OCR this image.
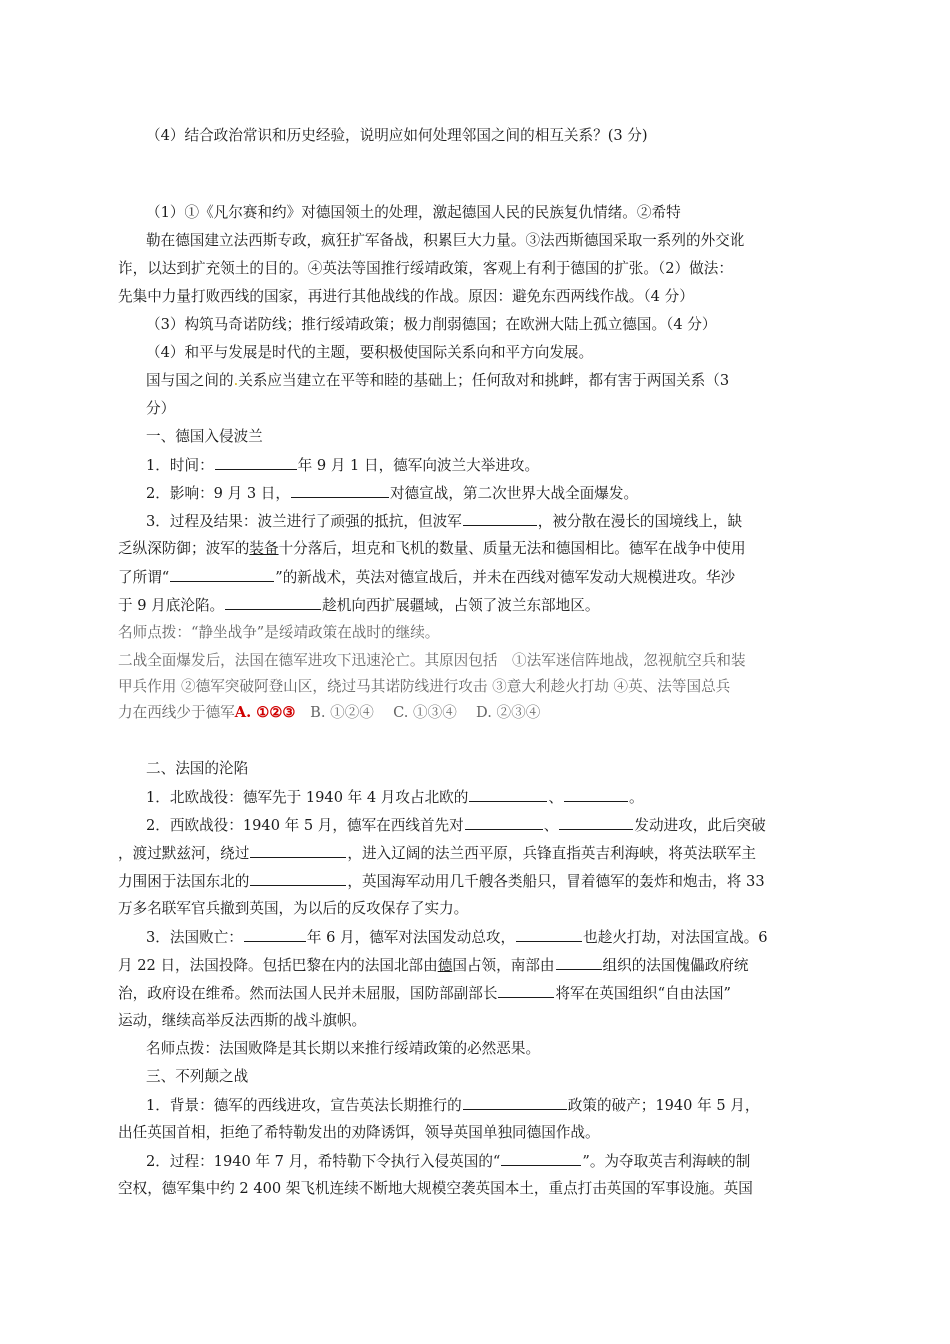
（4）结合政治常识和历史经验，说明应如何处理邻国之间的相互关系？(3 分)
（1）①《凡尔赛和约》对德国领土的处理，激起德国人民的民族复仇情绪。②希特
勒在德国建立法西斯专政，疯狂扩军备战，积累巨大力量。③法西斯德国采取一系列的外交讹
诈，以达到扩充领土的目的。④英法等国推行绥靖政策，客观上有利于德国的扩张。（2）做法：
先集中力量打败西线的国家，再进行其他战线的作战。原因：避免东西两线作战。（4 分）
（3）构筑马奇诺防线；推行绥靖政策；极力削弱德国；在欧洲大陆上孤立德国。（4 分）
（4）和平与发展是时代的主题，要积极使国际关系向和平方向发展。
国与国之间的.关系应当建立在平等和睦的基础上；任何敌对和挑衅，都有害于两国关系（3
分）
一、德国入侵波兰
1．时间：	年 9 月 1 日，德军向波兰大举进攻。
2．影响：9 月 3 日，	对德宣战，第二次世界大战全面爆发。
3．过程及结果：波兰进行了顽强的抵抗，但波军	，被分散在漫长的国境线上，缺
乏纵深防御；波军的装备十分落后，坦克和飞机的数量、质量无法和德国相比。德军在战争中使用
了所谓“	”的新战术，英法对德宣战后，并未在西线对德军发动大规模进攻。华沙
于 9 月底沦陷。	趁机向西扩展疆域，占领了波兰东部地区。
名师点拨：“静坐战争”是绥靖政策在战时的继续。
二战全面爆发后，法国在德军进攻下迅速沦亡。其原因包括　①法军迷信阵地战，忽视航空兵和装
甲兵作用 ②德军突破阿登山区，绕过马其诺防线进行攻击 ③意大利趁火打劫 ④英、法等国总兵
力在西线少于德军A. ①②③　B. ①②④　 C. ①③④　 D. ②③④
二、法国的沦陷
1．北欧战役：德军先于 1940 年 4 月攻占北欧的	、	。
2．西欧战役：1940 年 5 月，德军在西线首先对	、	发动进攻，此后突破
，渡过默兹河，绕过	，进入辽阔的法兰西平原，兵锋直指英吉利海峡，将英法联军主
力围困于法国东北的	，英国海军动用几千艘各类船只，冒着德军的轰炸和炮击，将 33
万多名联军官兵撤到英国，为以后的反攻保存了实力。
3．法国败亡：	年 6 月，德军对法国发动总攻，	也趁火打劫，对法国宣战。6
月 22 日，法国投降。包括巴黎在内的法国北部由德国占领，南部由	组织的法国傀儡政府统
治，政府设在维希。然而法国人民并未屈服，国防部副部长	将军在英国组织“自由法国”
运动，继续高举反法西斯的战斗旗帜。
名师点拨：法国败降是其长期以来推行绥靖政策的必然恶果。
三、不列颠之战
1．背景：德军的西线进攻，宣告英法长期推行的	政策的破产；1940 年 5 月，
出任英国首相，拒绝了希特勒发出的劝降诱饵，领导英国单独同德国作战。
2．过程：1940 年 7 月，希特勒下令执行入侵英国的“	”。为夺取英吉利海峡的制
空权，德军集中约 2 400 架飞机连续不断地大规模空袭英国本土，重点打击英国的军事设施。英国
